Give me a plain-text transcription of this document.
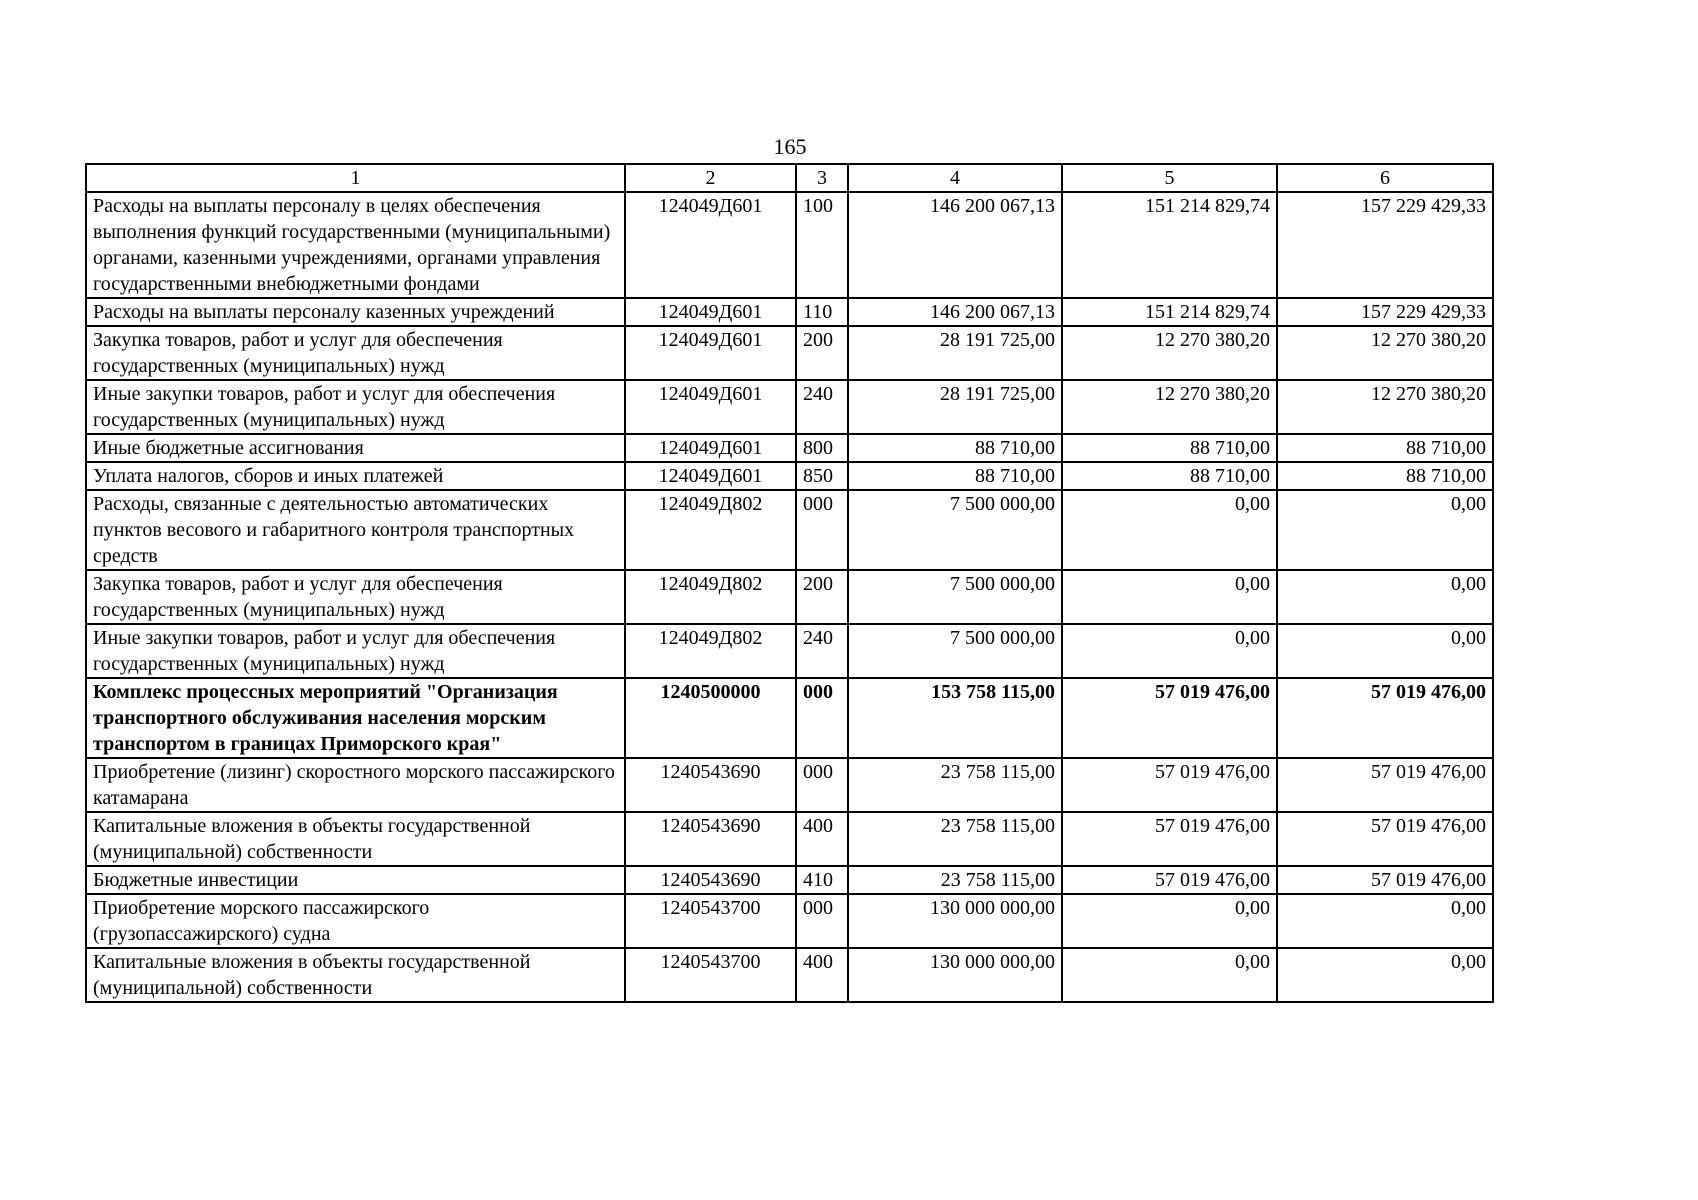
165
1	2	3	4	5	6
Расходы на выплаты персоналу в целях обеспечения выполнения функций государственными (муниципальными) органами, казенными учреждениями, органами управления государственными внебюджетными фондами	124049Д601	100	146 200 067,13	151 214 829,74	157 229 429,33
Расходы на выплаты персоналу казенных учреждений	124049Д601	110	146 200 067,13	151 214 829,74	157 229 429,33
Закупка товаров, работ и услуг для обеспечения государственных (муниципальных) нужд	124049Д601	200	28 191 725,00	12 270 380,20	12 270 380,20
Иные закупки товаров, работ и услуг для обеспечения государственных (муниципальных) нужд	124049Д601	240	28 191 725,00	12 270 380,20	12 270 380,20
Иные бюджетные ассигнования	124049Д601	800	88 710,00	88 710,00	88 710,00
Уплата налогов, сборов и иных платежей	124049Д601	850	88 710,00	88 710,00	88 710,00
Расходы, связанные с деятельностью автоматических пунктов весового и габаритного контроля транспортных средств	124049Д802	000	7 500 000,00	0,00	0,00
Закупка товаров, работ и услуг для обеспечения государственных (муниципальных) нужд	124049Д802	200	7 500 000,00	0,00	0,00
Иные закупки товаров, работ и услуг для обеспечения государственных (муниципальных) нужд	124049Д802	240	7 500 000,00	0,00	0,00
Комплекс процессных мероприятий "Организация транспортного обслуживания населения морским транспортом в границах Приморского края"	1240500000	000	153 758 115,00	57 019 476,00	57 019 476,00
Приобретение (лизинг) скоростного морского пассажирского катамарана	1240543690	000	23 758 115,00	57 019 476,00	57 019 476,00
Капитальные вложения в объекты государственной (муниципальной) собственности	1240543690	400	23 758 115,00	57 019 476,00	57 019 476,00
Бюджетные инвестиции	1240543690	410	23 758 115,00	57 019 476,00	57 019 476,00
Приобретение морского пассажирского (грузопассажирского) судна	1240543700	000	130 000 000,00	0,00	0,00
Капитальные вложения в объекты государственной (муниципальной) собственности	1240543700	400	130 000 000,00	0,00	0,00
